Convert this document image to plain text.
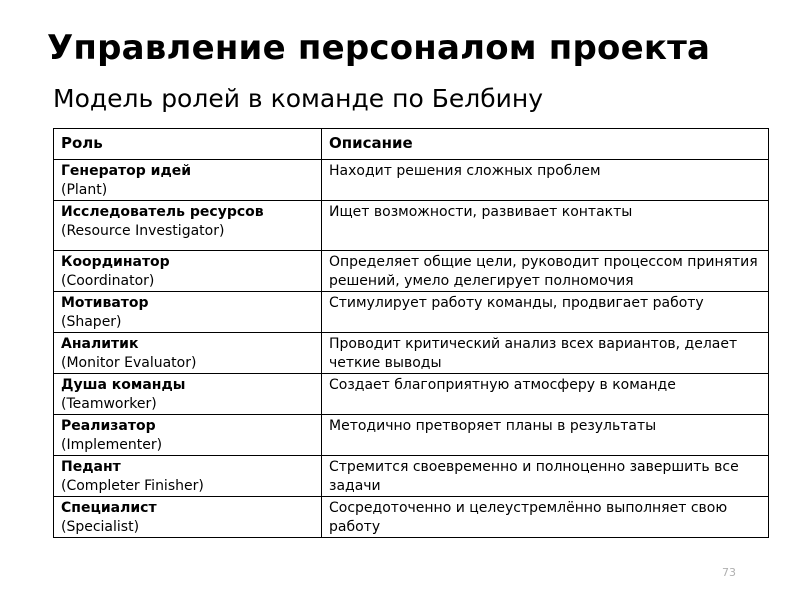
Управление персоналом проекта
Модель ролей в команде по Белбину
Роль	Описание

Генератор идей
(Plant)	Находит решения сложных проблем

Исследователь ресурсов
(Resource Investigator)	Ищет возможности, развивает контакты

Координатор
(Coordinator)	Определяет общие цели, руководит процессом принятия решений, умело делегирует полномочия

Мотиватор
(Shaper)	Стимулирует работу команды, продвигает работу

Аналитик
(Monitor Evaluator)	Проводит критический анализ всех вариантов, делает четкие выводы

Душа команды
(Teamworker)	Создает благоприятную атмосферу в команде

Реализатор
(Implementer)	Методично претворяет планы в результаты

Педант
(Completer Finisher)	Стремится своевременно и полноценно завершить все задачи

Специалист
(Specialist)	Сосредоточенно и целеустремлённо выполняет свою работу
73
